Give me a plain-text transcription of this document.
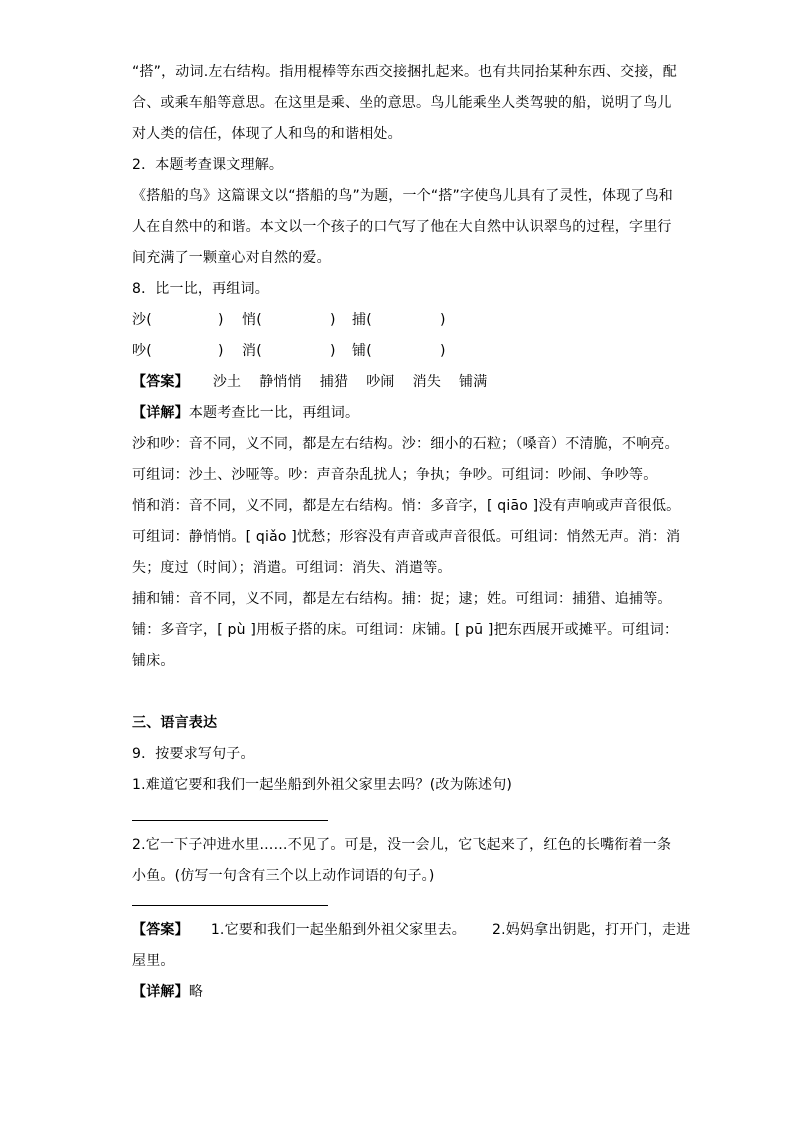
“搭”，动词.左右结构。指用棍棒等东西交接捆扎起来。也有共同抬某种东西、交接，配
合、或乘车船等意思。在这里是乘、坐的意思。鸟儿能乘坐人类驾驶的船，说明了鸟儿
对人类的信任，体现了人和鸟的和谐相处。
2．本题考查课文理解。
《搭船的鸟》这篇课文以“搭船的鸟”为题，一个“搭”字使鸟儿具有了灵性，体现了鸟和
人在自然中的和谐。本文以一个孩子的口气写了他在大自然中认识翠鸟的过程，字里行
间充满了一颗童心对自然的爱。
8．比一比，再组词。
沙(	)	悄(	)	捕(	)
吵(	)	消(	)	铺(	)
【答案】 沙土 静悄悄 捕猎 吵闹 消失 铺满
【详解】本题考查比一比，再组词。
沙和吵：音不同，义不同，都是左右结构。沙：细小的石粒；（嗓音）不清脆，不响亮。
可组词：沙土、沙哑等。吵：声音杂乱扰人；争执；争吵。可组词：吵闹、争吵等。
悄和消：音不同，义不同，都是左右结构。悄：多音字，[ qiāo ]没有声响或声音很低。
可组词：静悄悄。[ qiǎo ]忧愁；形容没有声音或声音很低。可组词：悄然无声。消：消
失；度过（时间）；消遣。可组词：消失、消遣等。
捕和铺：音不同，义不同，都是左右结构。捕：捉；逮；姓。可组词：捕猎、追捕等。
铺：多音字，[ pù ]用板子搭的床。可组词：床铺。[ pū ]把东西展开或摊平。可组词：
铺床。
三、语言表达
9．按要求写句子。
1.难道它要和我们一起坐船到外祖父家里去吗？(改为陈述句)
2.它一下子冲进水里……不见了。可是，没一会儿，它飞起来了，红色的长嘴衔着一条
小鱼。(仿写一句含有三个以上动作词语的句子。)
【答案】 1.它要和我们一起坐船到外祖父家里去。 2.妈妈拿出钥匙，打开门，走进
屋里。
【详解】略
